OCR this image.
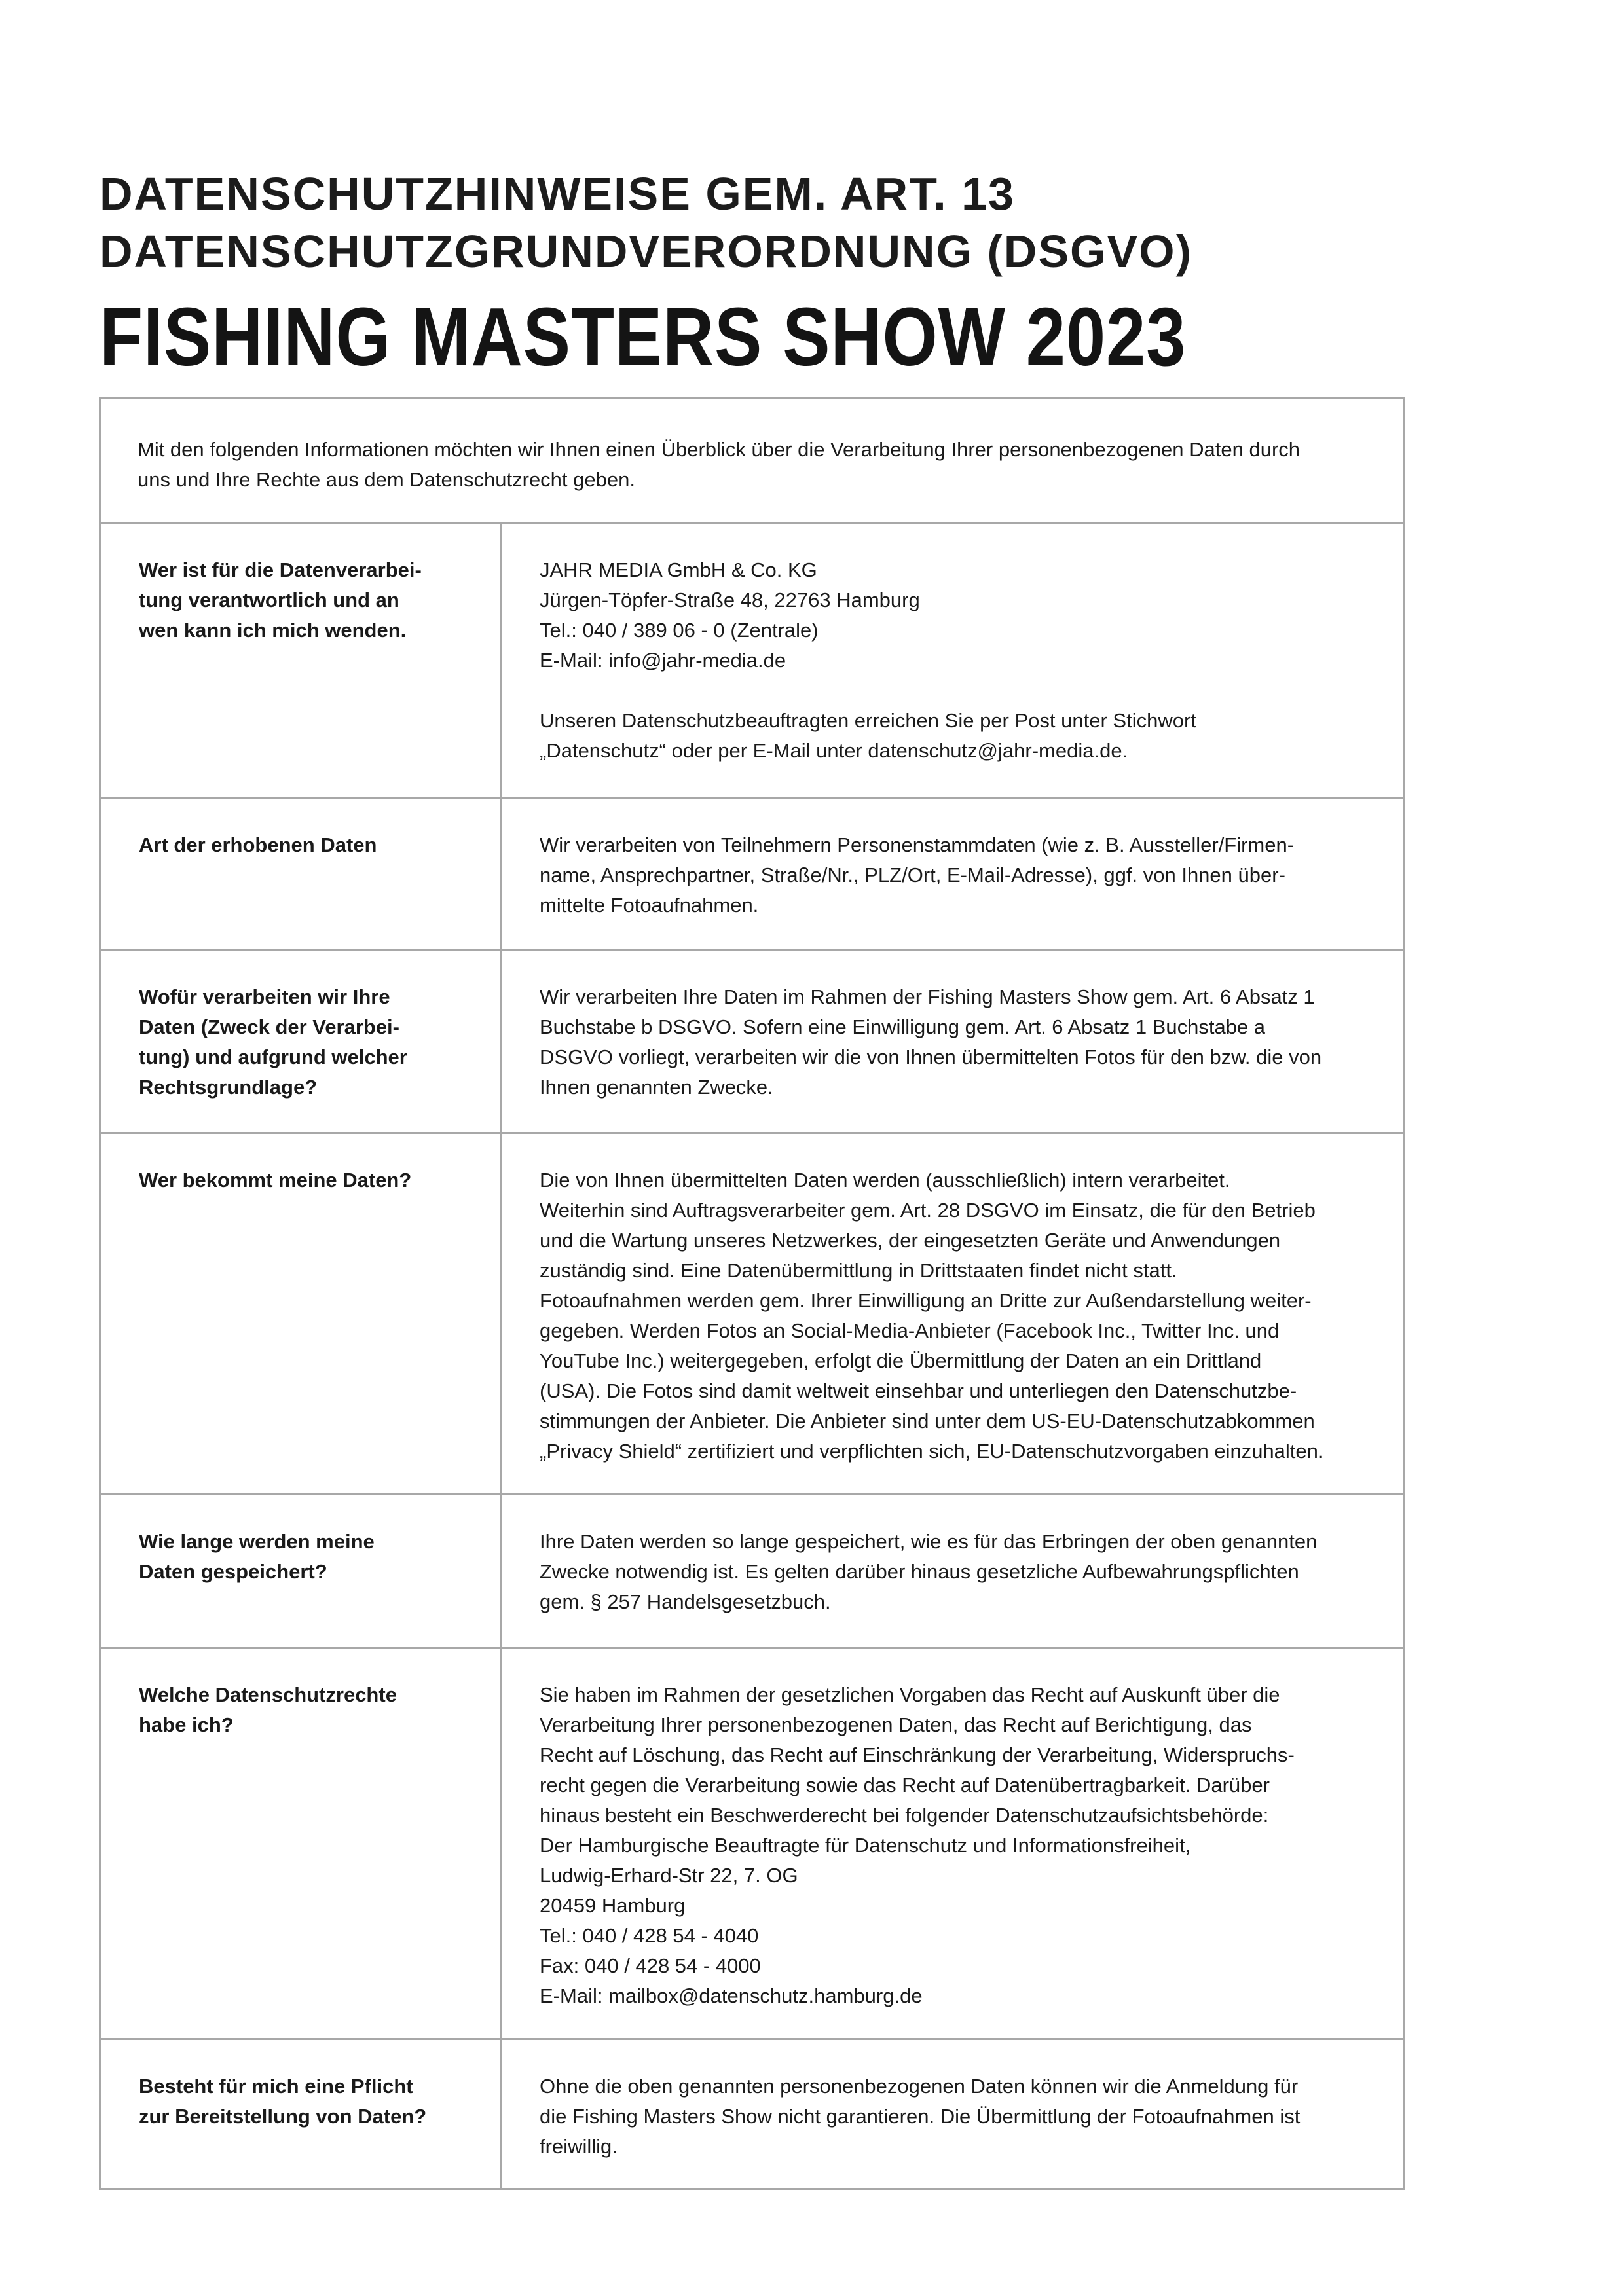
DATENSCHUTZHINWEISE GEM. ART. 13
DATENSCHUTZGRUNDVERORDNUNG (DSGVO)
FISHING MASTERS SHOW 2023
Mit den folgenden Informationen möchten wir Ihnen einen Überblick über die Verarbeitung Ihrer personenbezogenen Daten durch
uns und Ihre Rechte aus dem Datenschutzrecht geben.
Wer ist für die Datenverarbei-
tung verantwortlich und an
wen kann ich mich wenden.
JAHR MEDIA GmbH & Co. KG
Jürgen-Töpfer-Straße 48, 22763 Hamburg
Tel.: 040 / 389 06 - 0 (Zentrale)
E-Mail: info@jahr-media.de
Unseren Datenschutzbeauftragten erreichen Sie per Post unter Stichwort
„Datenschutz“ oder per E-Mail unter datenschutz@jahr-media.de.
Art der erhobenen Daten	Wir verarbeiten von Teilnehmern Personenstammdaten (wie z. B. Aussteller/Firmen-
name, Ansprechpartner, Straße/Nr., PLZ/Ort, E-Mail-Adresse), ggf. von Ihnen über-
mittelte Fotoaufnahmen.
Wofür verarbeiten wir Ihre
Daten (Zweck der Verarbei-
tung) und aufgrund welcher
Rechtsgrundlage?
Wir verarbeiten Ihre Daten im Rahmen der Fishing Masters Show gem. Art. 6 Absatz 1
Buchstabe b DSGVO. Sofern eine Einwilligung gem. Art. 6 Absatz 1 Buchstabe a
DSGVO vorliegt, verarbeiten wir die von Ihnen übermittelten Fotos für den bzw. die von
Ihnen genannten Zwecke.
Wer bekommt meine Daten?	Die von Ihnen übermittelten Daten werden (ausschließlich) intern verarbeitet.
Weiterhin sind Auftragsverarbeiter gem. Art. 28 DSGVO im Einsatz, die für den Betrieb
und die Wartung unseres Netzwerkes, der eingesetzten Geräte und Anwendungen
zuständig sind. Eine Datenübermittlung in Drittstaaten findet nicht statt.
Fotoaufnahmen werden gem. Ihrer Einwilligung an Dritte zur Außendarstellung weiter-
gegeben. Werden Fotos an Social-Media-Anbieter (Facebook Inc., Twitter Inc. und
YouTube Inc.) weitergegeben, erfolgt die Übermittlung der Daten an ein Drittland
(USA). Die Fotos sind damit weltweit einsehbar und unterliegen den Datenschutzbe-
stimmungen der Anbieter. Die Anbieter sind unter dem US-EU-Datenschutzabkommen
„Privacy Shield“ zertifiziert und verpflichten sich, EU-Datenschutzvorgaben einzuhalten.
Wie lange werden meine
Daten gespeichert?
Ihre Daten werden so lange gespeichert, wie es für das Erbringen der oben genannten
Zwecke notwendig ist. Es gelten darüber hinaus gesetzliche Aufbewahrungspflichten
gem. § 257 Handelsgesetzbuch.
Welche Datenschutzrechte
habe ich?
Sie haben im Rahmen der gesetzlichen Vorgaben das Recht auf Auskunft über die
Verarbeitung Ihrer personenbezogenen Daten, das Recht auf Berichtigung, das
Recht auf Löschung, das Recht auf Einschränkung der Verarbeitung, Widerspruchs-
recht gegen die Verarbeitung sowie das Recht auf Datenübertragbarkeit. Darüber
hinaus besteht ein Beschwerderecht bei folgender Datenschutzaufsichtsbehörde:
Der Hamburgische Beauftragte für Datenschutz und Informationsfreiheit,
Ludwig-Erhard-Str 22, 7. OG
20459 Hamburg
Tel.: 040 / 428 54 - 4040
Fax: 040 / 428 54 - 4000
E-Mail: mailbox@datenschutz.hamburg.de
Besteht für mich eine Pflicht
zur Bereitstellung von Daten?
Ohne die oben genannten personenbezogenen Daten können wir die Anmeldung für
die Fishing Masters Show nicht garantieren. Die Übermittlung der Fotoaufnahmen ist
freiwillig.
